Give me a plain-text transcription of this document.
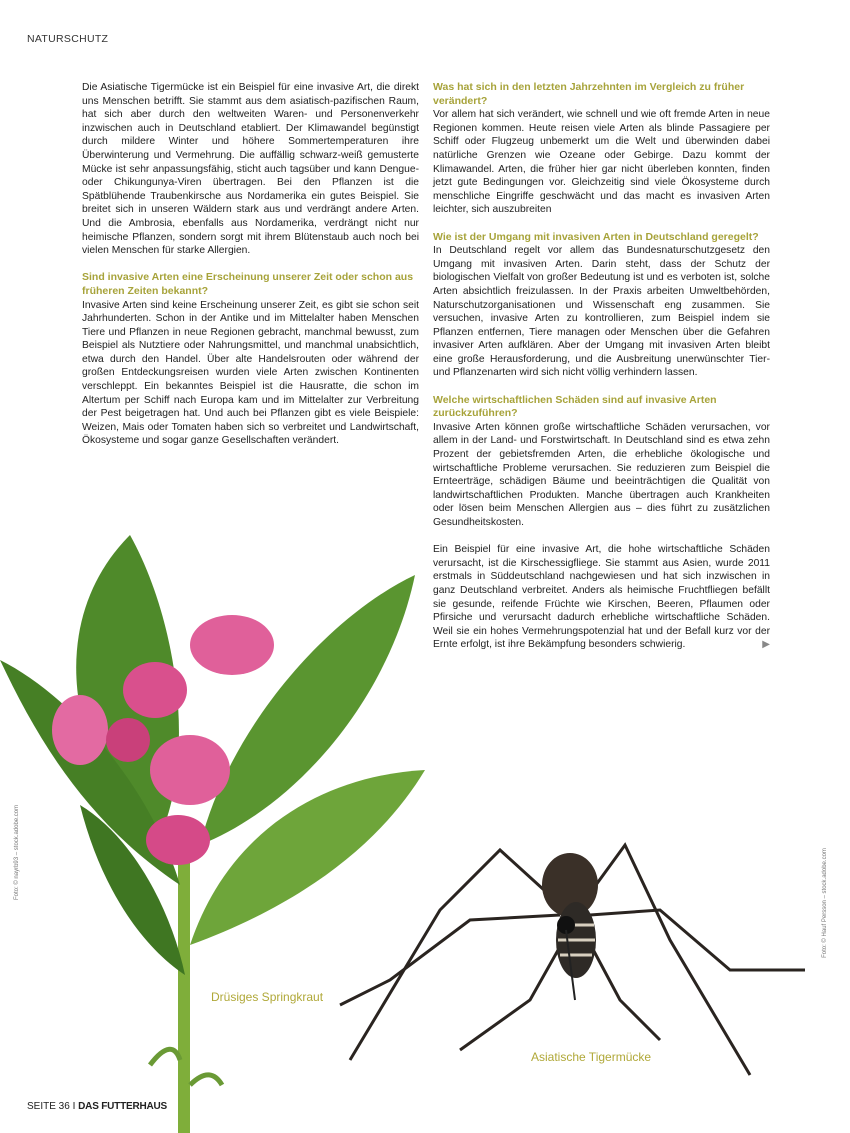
NATURSCHUTZ

Die Asiatische Tigermücke ist ein Beispiel für eine invasive Art, die direkt uns Menschen betrifft. Sie stammt aus dem asiatisch-pazifischen Raum, hat sich aber durch den weltweiten Waren- und Personenverkehr inzwischen auch in Deutschland etabliert. Der Klimawandel begünstigt durch mildere Winter und höhere Sommertemperaturen ihre Überwinterung und Vermehrung. Die auffällig schwarz-weiß gemusterte Mücke ist sehr anpassungsfähig, sticht auch tagsüber und kann Dengue- oder Chikungunya-Viren übertragen. Bei den Pflanzen ist die Spätblühende Traubenkirsche aus Nordamerika ein gutes Beispiel. Sie breitet sich in unseren Wäldern stark aus und verdrängt andere Arten. Und die Ambrosia, ebenfalls aus Nordamerika, verdrängt nicht nur heimische Pflanzen, sondern sorgt mit ihrem Blütenstaub auch noch bei vielen Menschen für starke Allergien.

Sind invasive Arten eine Erscheinung unserer Zeit oder schon aus früheren Zeiten bekannt?

Invasive Arten sind keine Erscheinung unserer Zeit, es gibt sie schon seit Jahrhunderten. Schon in der Antike und im Mittelalter haben Menschen Tiere und Pflanzen in neue Regionen gebracht, manchmal bewusst, zum Beispiel als Nutztiere oder Nahrungsmittel, und manchmal unabsichtlich, etwa durch den Handel. Über alte Handelsrouten oder während der großen Entdeckungsreisen wurden viele Arten zwischen Kontinenten verschleppt. Ein bekanntes Beispiel ist die Hausratte, die schon im Altertum per Schiff nach Europa kam und im Mittelalter zur Verbreitung der Pest beigetragen hat. Und auch bei Pflanzen gibt es viele Beispiele: Weizen, Mais oder Tomaten haben sich so verbreitet und Landwirtschaft, Ökosysteme und sogar ganze Gesellschaften verändert.

Was hat sich in den letzten Jahrzehnten im Vergleich zu früher verändert?

Vor allem hat sich verändert, wie schnell und wie oft fremde Arten in neue Regionen kommen. Heute reisen viele Arten als blinde Passagiere per Schiff oder Flugzeug unbemerkt um die Welt und überwinden dabei natürliche Grenzen wie Ozeane oder Gebirge. Dazu kommt der Klimawandel. Arten, die früher hier gar nicht überleben konnten, finden jetzt gute Bedingungen vor. Gleichzeitig sind viele Ökosysteme durch menschliche Eingriffe geschwächt und das macht es invasiven Arten leichter, sich auszubreiten

Wie ist der Umgang mit invasiven Arten in Deutschland geregelt?

In Deutschland regelt vor allem das Bundesnaturschutzgesetz den Umgang mit invasiven Arten. Darin steht, dass der Schutz der biologischen Vielfalt von großer Bedeutung ist und es verboten ist, solche Arten absichtlich freizulassen. In der Praxis arbeiten Umweltbehörden, Naturschutzorganisationen und Wissenschaft eng zusammen. Sie versuchen, invasive Arten zu kontrollieren, zum Beispiel indem sie Pflanzen entfernen, Tiere managen oder Menschen über die Gefahren invasiver Arten aufklären. Aber der Umgang mit invasiven Arten bleibt eine große Herausforderung, und die Ausbreitung unerwünschter Tier- und Pflanzenarten wird sich nicht völlig verhindern lassen.

Welche wirtschaftlichen Schäden sind auf invasive Arten zurückzuführen?

Invasive Arten können große wirtschaftliche Schäden verursachen, vor allem in der Land- und Forstwirtschaft. In Deutschland sind es etwa zehn Prozent der gebietsfremden Arten, die erhebliche ökologische und wirtschaftliche Probleme verursachen. Sie reduzieren zum Beispiel die Ernteerträge, schädigen Bäume und beeinträchtigen die Qualität von landwirtschaftlichen Produkten. Manche übertragen auch Krankheiten oder lösen beim Menschen Allergien aus – dies führt zu zusätzlichen Gesundheitskosten.

Ein Beispiel für eine invasive Art, die hohe wirtschaftliche Schäden verursacht, ist die Kirschessigfliege. Sie stammt aus Asien, wurde 2011 erstmals in Süddeutschland nachgewiesen und hat sich inzwischen in ganz Deutschland verbreitet. Anders als heimische Fruchtfliegen befällt sie gesunde, reifende Früchte wie Kirschen, Beeren, Pflaumen oder Pfirsiche und verursacht dadurch erhebliche wirtschaftliche Schäden. Weil sie ein hohes Vermehrungspotenzial hat und der Befall kurz vor der Ernte erfolgt, ist ihre Bekämpfung besonders schwierig.	▶

Drüsiges Springkraut
Asiatische Tigermücke
Foto: © nayrb93 – stock.adobe.com	Foto: © Hauf Persson – stock.adobe.com
SEITE 36 I DAS FUTTERHAUS
